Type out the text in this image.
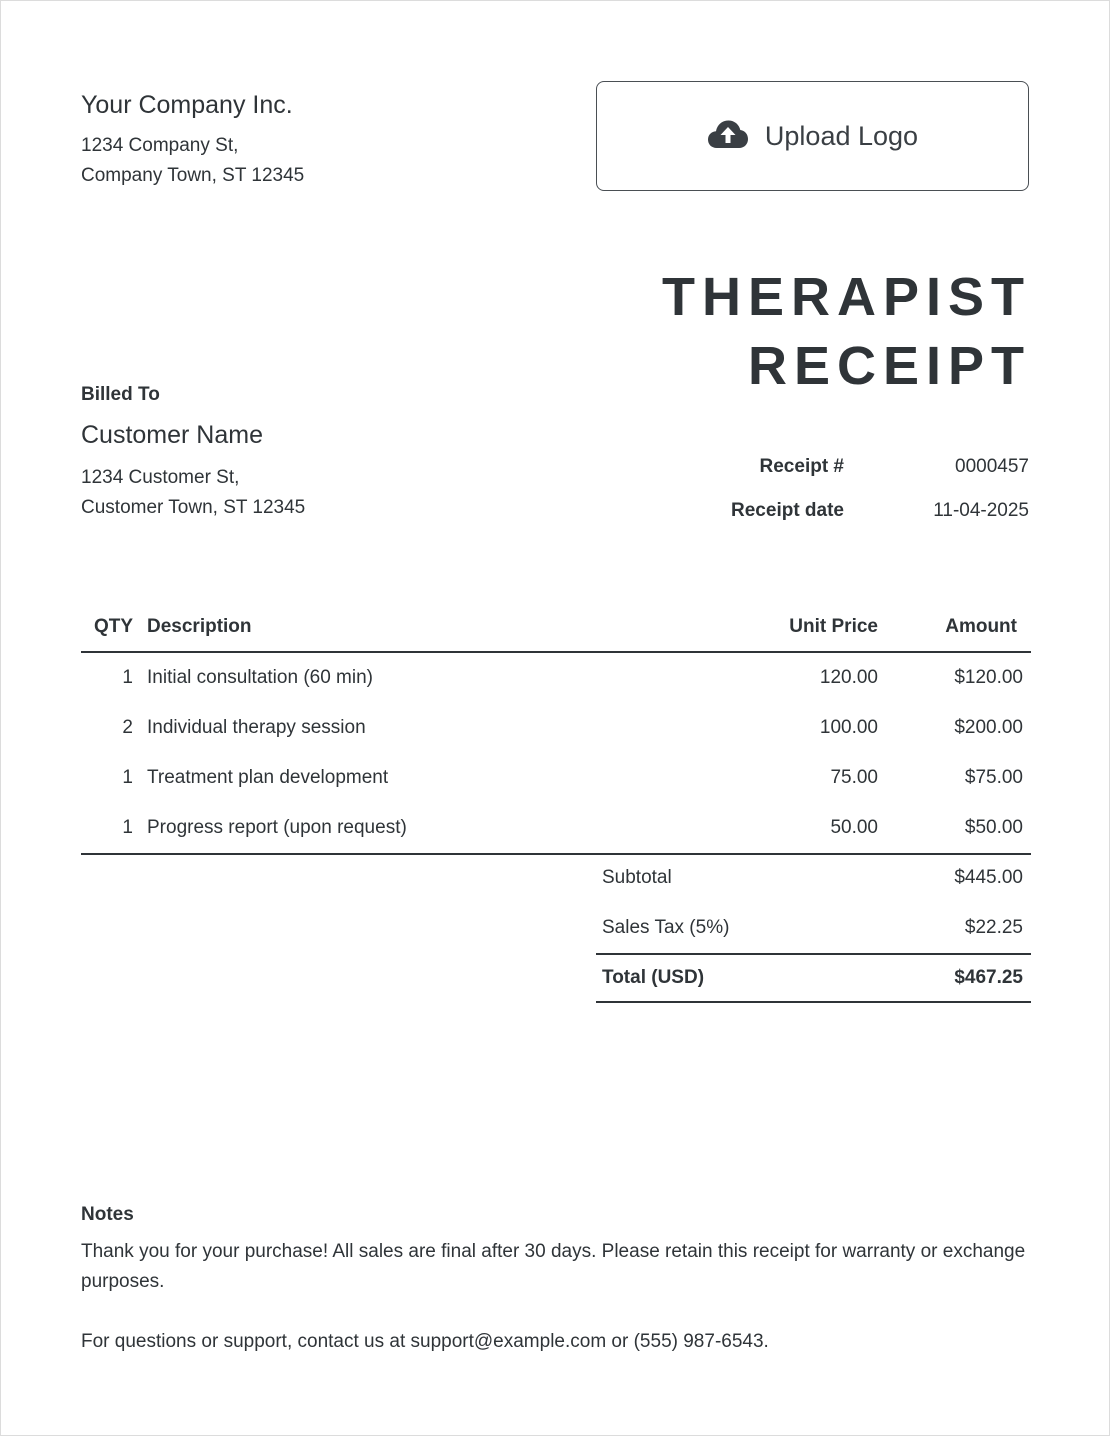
Your Company Inc.
1234 Company St,
Company Town, ST 12345
Upload Logo
THERAPIST
RECEIPT
Billed To
Customer Name
1234 Customer St,
Customer Town, ST 12345
Receipt #	0000457
Receipt date	11-04-2025
QTY Description	Unit Price	Amount
1 Initial consultation (60 min)	120.00	$120.00
2 Individual therapy session	100.00	$200.00
1 Treatment plan development	75.00	$75.00
1 Progress report (upon request)	50.00	$50.00
Subtotal	$445.00
Sales Tax (5%)	$22.25
Total (USD)	$467.25
Notes
Thank you for your purchase! All sales are final after 30 days. Please retain this receipt for warranty or exchange purposes.
For questions or support, contact us at support@example.com or (555) 987-6543.
